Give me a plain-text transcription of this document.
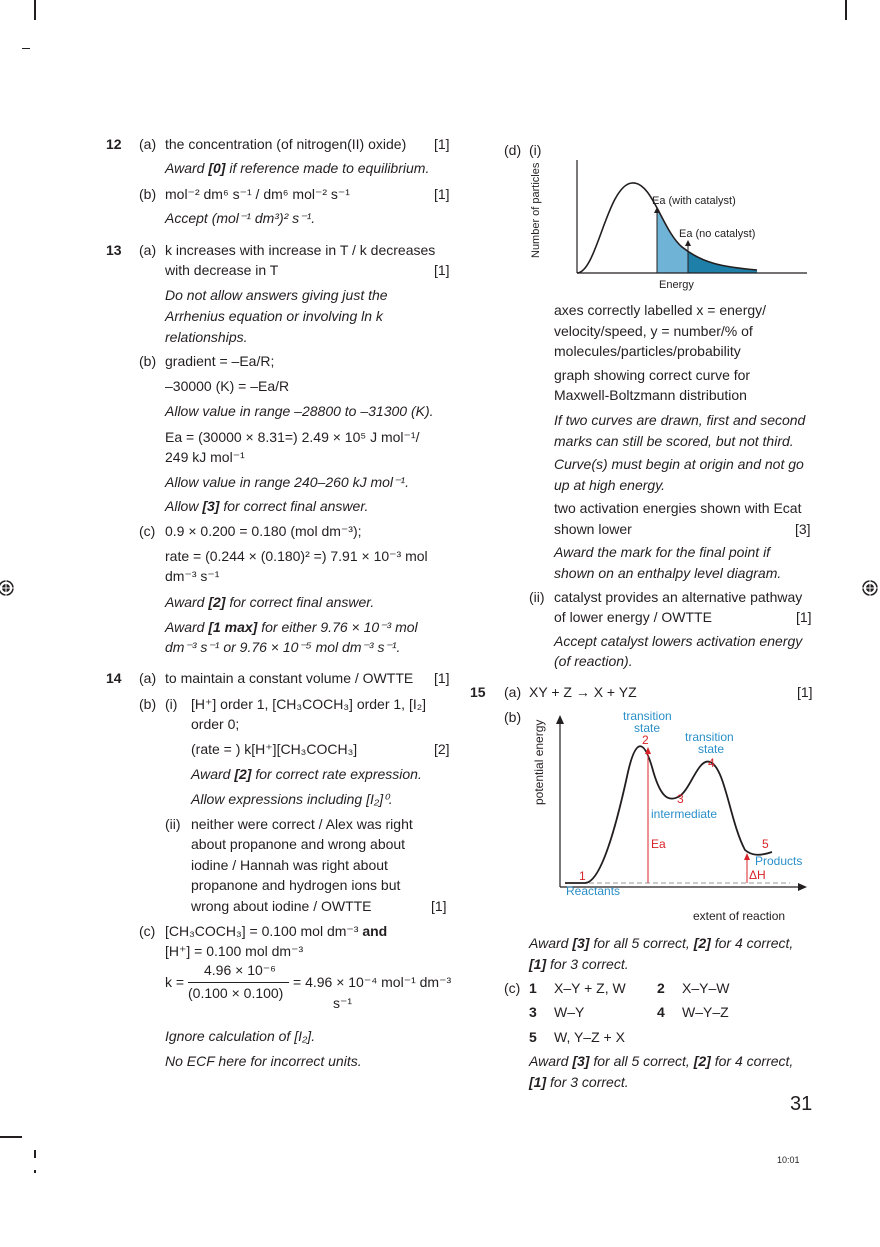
12 (a) the concentration (of nitrogen(II) oxide) [1]
Award [0] if reference made to equilibrium.
(b) mol⁻² dm⁶ s⁻¹ / dm⁶ mol⁻² s⁻¹	[1]
Accept (mol⁻¹ dm³)² s⁻¹.
13 (a) k increases with increase in T / k decreases
with decrease in T	[1]
Do not allow answers giving just the
Arrhenius equation or involving ln k
relationships.
(b) gradient = –Ea/R;
–30000 (K) = –Ea/R
Allow value in range –28800 to –31300 (K).
Ea = (30000 × 8.31=) 2.49 × 10⁵ J mol⁻¹/
249 kJ mol⁻¹
Allow value in range 240–260 kJ mol⁻¹.
Allow [3] for correct final answer.
(c) 0.9 × 0.200 = 0.180 (mol dm⁻³);
rate = (0.244 × (0.180)² =) 7.91 × 10⁻³ mol
dm⁻³ s⁻¹
Award [2] for correct final answer.
Award [1 max] for either 9.76 × 10⁻³ mol
dm⁻³ s⁻¹ or 9.76 × 10⁻⁵ mol dm⁻³ s⁻¹.
14 (a) to maintain a constant volume / OWTTE [1]
(b) (i) [H⁺] order 1, [CH₃COCH₃] order 1, [I₂]
order 0;
(rate = ) k[H⁺][CH₃COCH₃]	[2]
Award [2] for correct rate expression.
Allow expressions including [I₂]⁰.
(ii) neither were correct / Alex was right
about propanone and wrong about
iodine / Hannah was right about
propanone and hydrogen ions but
wrong about iodine / OWTTE	[1]
(c) [CH₃COCH₃] = 0.100 mol dm⁻³ and
[H⁺] = 0.100 mol dm⁻³
k =
4.96 × 10⁻⁶
(0.100 × 0.100)
= 4.96 × 10⁻⁴ mol⁻¹ dm⁻³
s⁻¹
Ignore calculation of [I₂].
No ECF here for incorrect units.
(d) (i)
Number of particles
Energy
Ea (with catalyst)
Ea (no catalyst)
axes correctly labelled x = energy/
velocity/speed, y = number/% of
molecules/particles/probability
graph showing correct curve for
Maxwell-Boltzmann distribution
If two curves are drawn, first and second
marks can still be scored, but not third.
Curve(s) must begin at origin and not go
up at high energy.
two activation energies shown with Ecat
shown lower	[3]
Award the mark for the final point if
shown on an enthalpy level diagram.
(ii) catalyst provides an alternative pathway
of lower energy / OWTTE	[1]
Accept catalyst lowers activation energy
(of reaction).
15 (a) XY + Z → X + YZ	[1]
(b)
potential energy
extent of reaction
transition
state
2	transition
state
4
3
intermediate
Ea	5
Products
ΔH
1
Reactants
Award [3] for all 5 correct, [2] for 4 correct,
[1] for 3 correct.
(c) 1 X–Y + Z, W 2 X–Y–W
3 W–Y	4 W–Y–Z
5 W, Y–Z + X
Award [3] for all 5 correct, [2] for 4 correct,
[1] for 3 correct.
31
10:01
